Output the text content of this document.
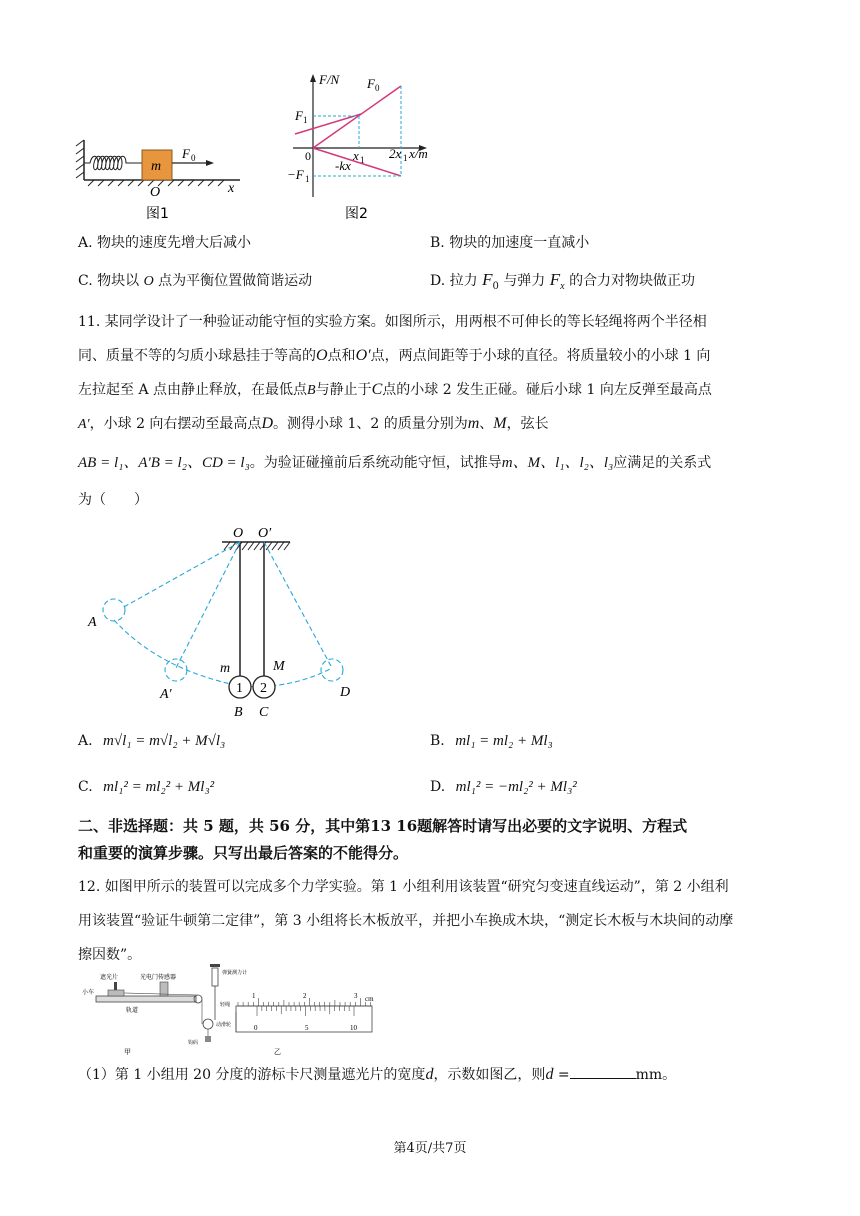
m
F 0
O	x
图1
F/N F 0
F 1
−F 1
0	x 1 2x 1 x/m
-kx
图2
A. 物块的速度先增大后减小	B. 物块的加速度一直减小
C. 物块以 O 点为平衡位置做简谐运动	D. 拉力 $F_0$ 与弹力 $F_x$ 的合力对物块做正功
11. 某同学设计了一种验证动能守恒的实验方案。如图所示，用两根不可伸长的等长轻绳将两个半径相
同、质量不等的匀质小球悬挂于等高的O点和O′点，两点间距等于小球的直径。将质量较小的小球 1 向
左拉起至 A 点由静止释放，在最低点B与静止于C点的小球 2 发生正碰。碰后小球 1 向左反弹至最高点
A′，小球 2 向右摆动至最高点D。测得小球 1、2 的质量分别为m、M，弦长
AB = l₁、A′B = l₂、CD = l₃。为验证碰撞前后系统动能守恒，试推导m、M、l₁、l₂、l₃应满足的关系式
为（　　）
O O′
1 2
m	M
A
A′
B C
D
A. m√l₁ = m√l₂ + M√l₃	B. ml₁ = ml₂ + Ml₃
C. ml₁² = ml₂² + Ml₃²	D. ml₁² = −ml₂² + Ml₃²
二、非选择题：共 5 题，共 56 分，其中第13 16题解答时请写出必要的文字说明、方程式
和重要的演算步骤。只写出最后答案的不能得分。
12. 如图甲所示的装置可以完成多个力学实验。第 1 小组利用该装置“研究匀变速直线运动”，第 2 小组利
用该装置“验证牛顿第二定律”，第 3 小组将长木板放平，并把小车换成木块，“测定长木板与木块间的动摩
擦因数”。
遮光片	光电门传感器
弹簧测力计
小车
轻绳
动滑轮
轨道
钩码
甲
1	2	3 cm
0	5	10
乙
（1）第 1 小组用 20 分度的游标卡尺测量遮光片的宽度d，示数如图乙，则d =	mm。
第4页/共7页
